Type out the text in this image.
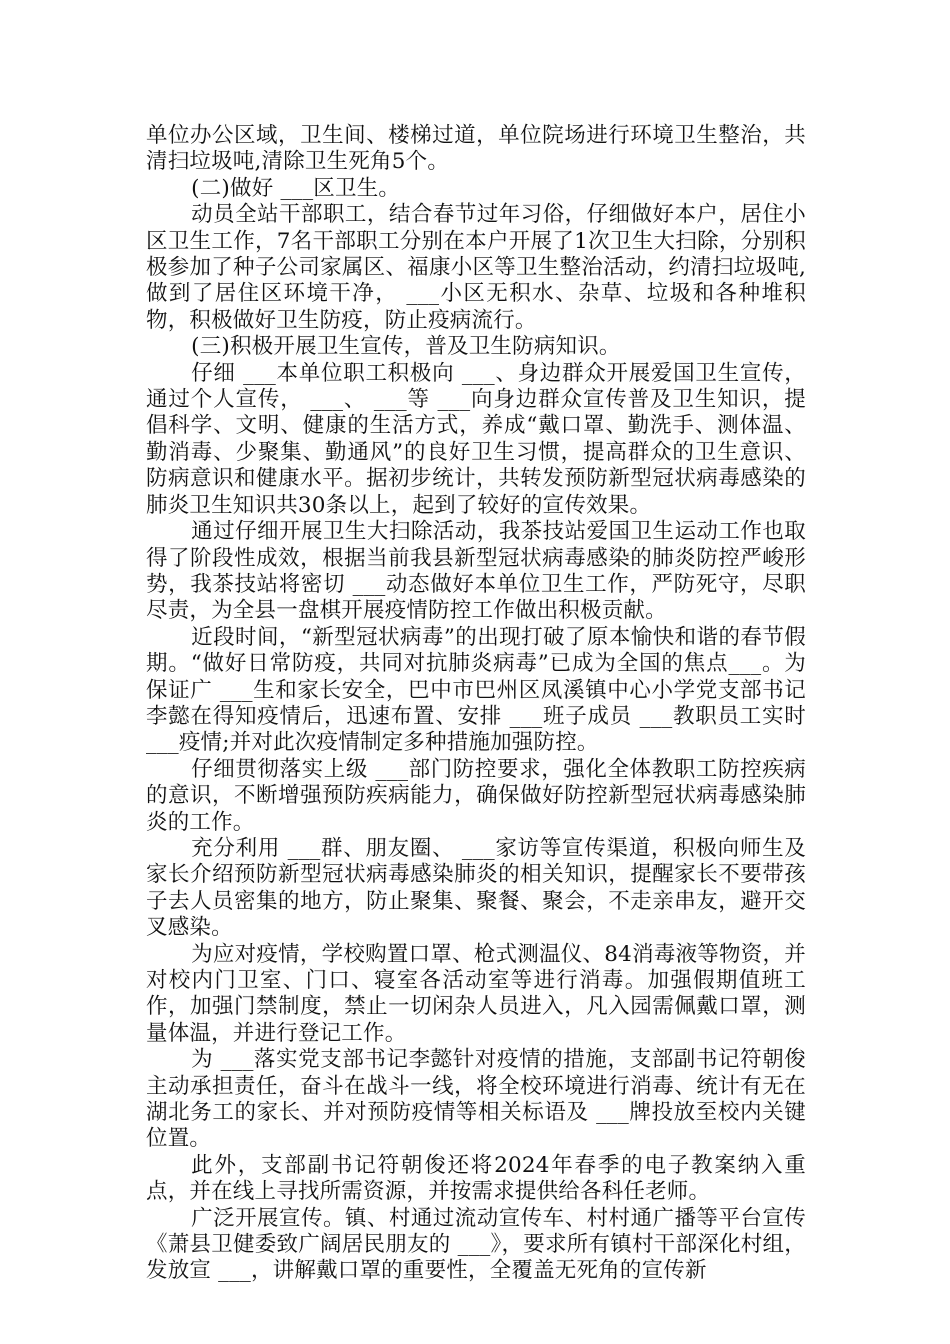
单位办公区域，卫生间、楼梯过道，单位院场进行环境卫生整治，共清扫垃圾吨,清除卫生死角5个。

(二)做好 ___区卫生。

动员全站干部职工，结合春节过年习俗，仔细做好本户，居住小区卫生工作，7名干部职工分别在本户开展了1次卫生大扫除，分别积极参加了种子公司家属区、福康小区等卫生整治活动，约清扫垃圾吨,做到了居住区环境干净， ___小区无积水、杂草、垃圾和各种堆积物，积极做好卫生防疫，防止疫病流行。

(三)积极开展卫生宣传，普及卫生防病知识。

仔细 ___本单位职工积极向 ___、身边群众开展爱国卫生宣传，通过个人宣传， ___、 ___等 ___向身边群众宣传普及卫生知识，提倡科学、文明、健康的生活方式，养成“戴口罩、勤洗手、测体温、勤消毒、少聚集、勤通风”的良好卫生习惯，提高群众的卫生意识、防病意识和健康水平。据初步统计，共转发预防新型冠状病毒感染的肺炎卫生知识共30条以上，起到了较好的宣传效果。

通过仔细开展卫生大扫除活动，我茶技站爱国卫生运动工作也取得了阶段性成效，根据当前我县新型冠状病毒感染的肺炎防控严峻形势，我茶技站将密切 ___动态做好本单位卫生工作，严防死守，尽职尽责，为全县一盘棋开展疫情防控工作做出积极贡献。

近段时间，“新型冠状病毒”的出现打破了原本愉快和谐的春节假期。“做好日常防疫，共同对抗肺炎病毒”已成为全国的焦点___。为保证广 ___生和家长安全，巴中市巴州区凤溪镇中心小学党支部书记李懿在得知疫情后，迅速布置、安排 ___班子成员 ___教职员工实时 ___疫情;并对此次疫情制定多种措施加强防控。

仔细贯彻落实上级 ___部门防控要求，强化全体教职工防控疾病的意识，不断增强预防疾病能力，确保做好防控新型冠状病毒感染肺炎的工作。

充分利用 ___群、朋友圈、 ___家访等宣传渠道，积极向师生及家长介绍预防新型冠状病毒感染肺炎的相关知识，提醒家长不要带孩子去人员密集的地方，防止聚集、聚餐、聚会，不走亲串友，避开交叉感染。

为应对疫情，学校购置口罩、枪式测温仪、84消毒液等物资，并对校内门卫室、门口、寝室各活动室等进行消毒。加强假期值班工作，加强门禁制度，禁止一切闲杂人员进入，凡入园需佩戴口罩，测量体温，并进行登记工作。

为 ___落实党支部书记李懿针对疫情的措施，支部副书记符朝俊主动承担责任，奋斗在战斗一线，将全校环境进行消毒、统计有无在湖北务工的家长、并对预防疫情等相关标语及 ___牌投放至校内关键位置。

此外，支部副书记符朝俊还将2024年春季的电子教案纳入重点，并在线上寻找所需资源，并按需求提供给各科任老师。

广泛开展宣传。镇、村通过流动宣传车、村村通广播等平台宣传《萧县卫健委致广阔居民朋友的 ___》，要求所有镇村干部深化村组，发放宣 ___，讲解戴口罩的重要性，全覆盖无死角的宣传新
